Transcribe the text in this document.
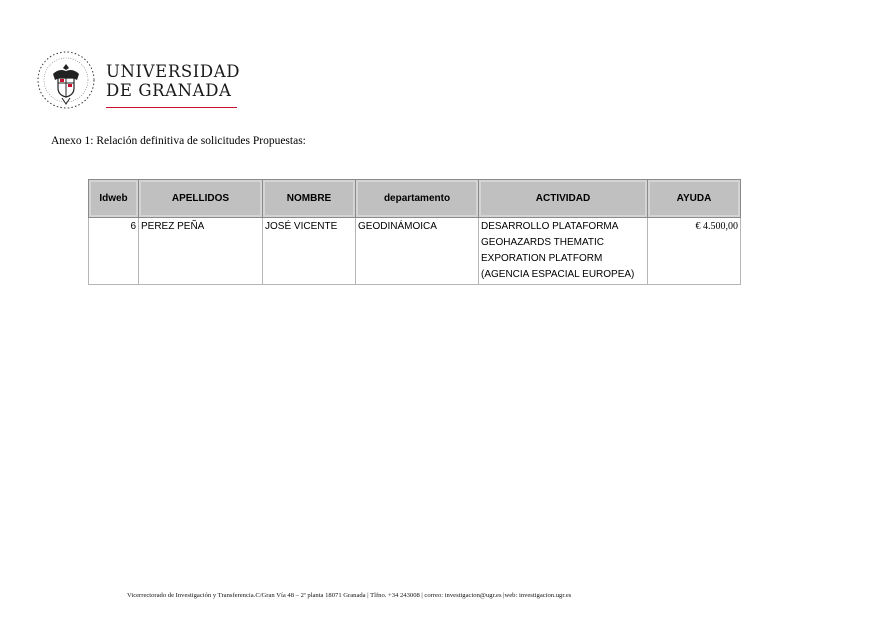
UNIVERSIDAD
DE GRANADA
Anexo 1: Relación definitiva de solicitudes Propuestas:
Idweb	APELLIDOS	NOMBRE	departamento	ACTIVIDAD	AYUDA
6	PEREZ PEÑA	JOSÉ VICENTE	GEODINÁMOICA	DESARROLLO PLATAFORMA
GEOHAZARDS THEMATIC
EXPORATION PLATFORM
(AGENCIA ESPACIAL EUROPEA)	€ 4.500,00
Vicerrectorado de Investigación y Transferencia.C/Gran Vía 48 – 2ª planta 18071 Granada | Tlfno. +34 243008 | correo: investigacion@ugr.es |web: investigacion.ugr.es
